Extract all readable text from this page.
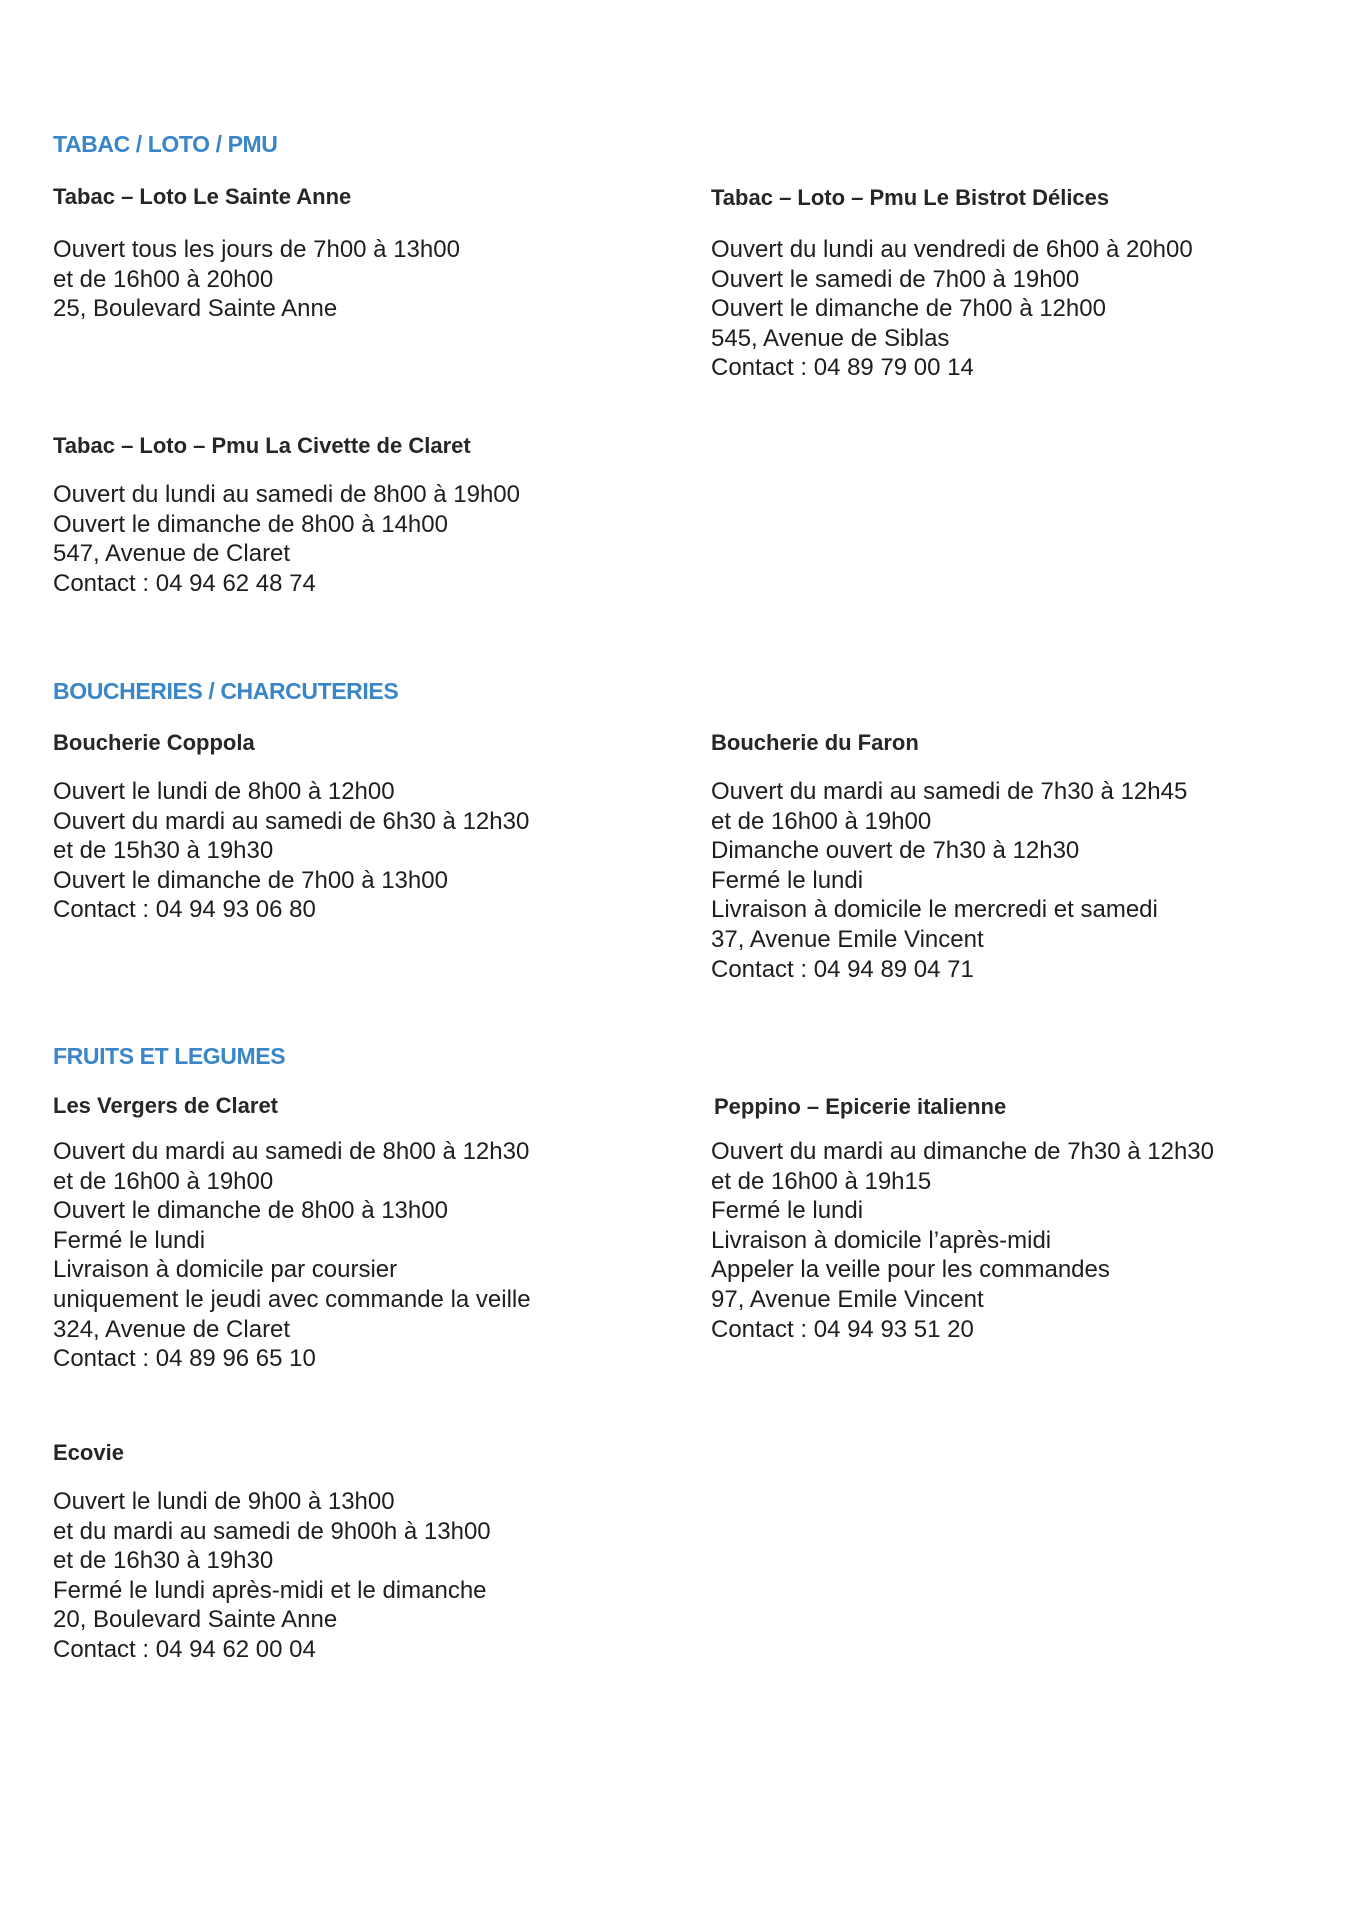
TABAC / LOTO / PMU
Tabac – Loto Le Sainte Anne
Ouvert tous les jours de 7h00 à 13h00
et de 16h00 à 20h00
25, Boulevard Sainte Anne
Tabac – Loto – Pmu Le Bistrot Délices
Ouvert du lundi au vendredi de 6h00 à 20h00
Ouvert le samedi de 7h00 à 19h00
Ouvert le dimanche de 7h00 à 12h00
545, Avenue de Siblas
Contact : 04 89 79 00 14
Tabac – Loto – Pmu La Civette de Claret
Ouvert du lundi au samedi de 8h00 à 19h00
Ouvert le dimanche de 8h00 à 14h00
547, Avenue de Claret
Contact : 04 94 62 48 74
BOUCHERIES / CHARCUTERIES
Boucherie Coppola
Ouvert le lundi de 8h00 à 12h00
Ouvert du mardi au samedi de 6h30 à 12h30
et de 15h30 à 19h30
Ouvert le dimanche de 7h00 à 13h00
Contact : 04 94 93 06 80
Boucherie du Faron
Ouvert du mardi au samedi de 7h30 à 12h45
et de 16h00 à 19h00
Dimanche ouvert de 7h30 à 12h30
Fermé le lundi
Livraison à domicile le mercredi et samedi
37, Avenue Emile Vincent
Contact : 04 94 89 04 71
FRUITS ET LEGUMES
Les Vergers de Claret
Ouvert du mardi au samedi de 8h00 à 12h30
et de 16h00 à 19h00
Ouvert le dimanche de 8h00 à 13h00
Fermé le lundi
Livraison à domicile par coursier
uniquement le jeudi avec commande la veille
324, Avenue de Claret
Contact : 04 89 96 65 10
Peppino – Epicerie italienne
Ouvert du mardi au dimanche de 7h30 à 12h30
et de 16h00 à 19h15
Fermé le lundi
Livraison à domicile l’après-midi
Appeler la veille pour les commandes
97, Avenue Emile Vincent
Contact : 04 94 93 51 20
Ecovie
Ouvert le lundi de 9h00 à 13h00
et du mardi au samedi de 9h00h à 13h00
et de 16h30 à 19h30
Fermé le lundi après-midi et le dimanche
20, Boulevard Sainte Anne
Contact : 04 94 62 00 04
